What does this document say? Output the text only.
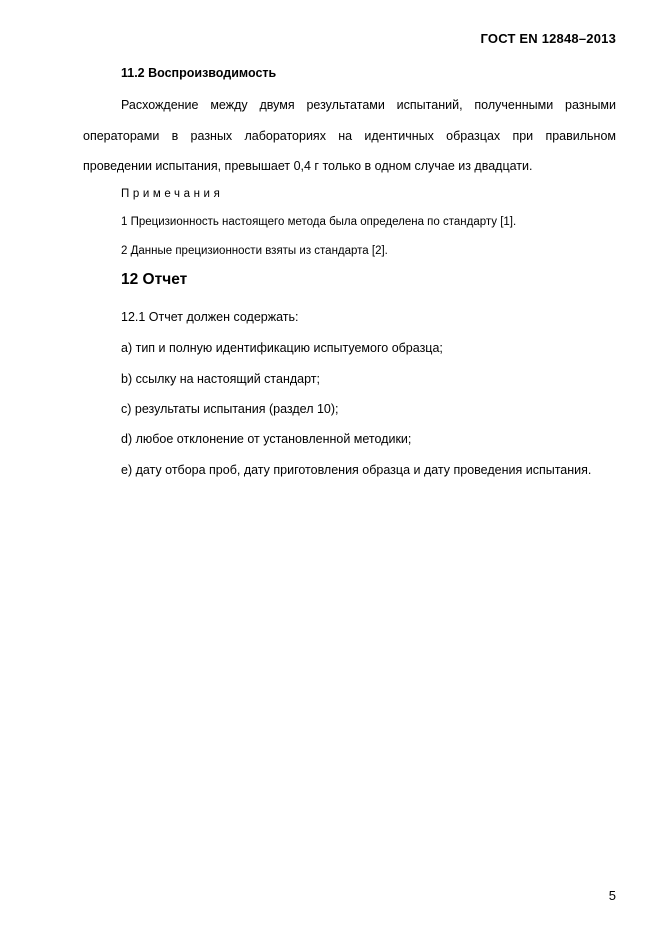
ГОСТ EN 12848–2013
11.2 Воспроизводимость
Расхождение между двумя результатами испытаний, полученными разными операторами в разных лабораториях на идентичных образцах при правильном проведении испытания, превышает 0,4 г только в одном случае из двадцати.
Примечания
1 Прецизионность настоящего метода была определена по стандарту [1].
2 Данные прецизионности взяты из стандарта [2].
12 Отчет
12.1 Отчет должен содержать:
a) тип и полную идентификацию испытуемого образца;
b) ссылку на настоящий стандарт;
c) результаты испытания (раздел 10);
d) любое отклонение от установленной методики;
e) дату отбора проб, дату приготовления образца и дату проведения испытания.
5
